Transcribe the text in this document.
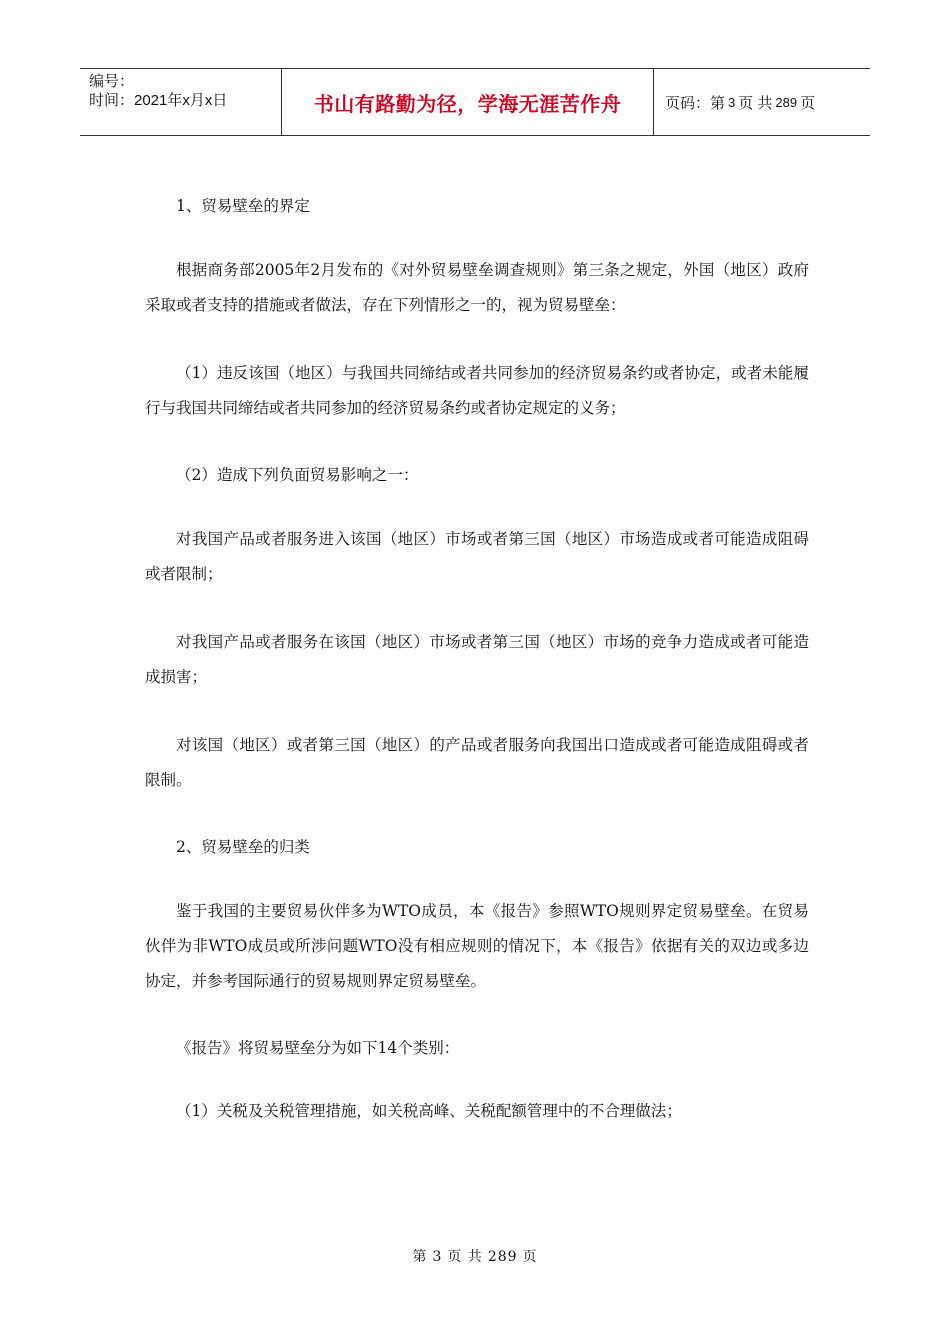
编号：
时间：2021年x月x日	书山有路勤为径，学海无涯苦作舟	页码：第 3 页 共 289 页

1、贸易壁垒的界定

根据商务部2005年2月发布的《对外贸易壁垒调查规则》第三条之规定，外国（地区）政府采取或者支持的措施或者做法，存在下列情形之一的，视为贸易壁垒：

（1）违反该国（地区）与我国共同缔结或者共同参加的经济贸易条约或者协定，或者未能履行与我国共同缔结或者共同参加的经济贸易条约或者协定规定的义务；

（2）造成下列负面贸易影响之一：

对我国产品或者服务进入该国（地区）市场或者第三国（地区）市场造成或者可能造成阻碍或者限制；

对我国产品或者服务在该国（地区）市场或者第三国（地区）市场的竞争力造成或者可能造成损害；

对该国（地区）或者第三国（地区）的产品或者服务向我国出口造成或者可能造成阻碍或者限制。

2、贸易壁垒的归类

鉴于我国的主要贸易伙伴多为WTO成员，本《报告》参照WTO规则界定贸易壁垒。在贸易伙伴为非WTO成员或所涉问题WTO没有相应规则的情况下，本《报告》依据有关的双边或多边协定，并参考国际通行的贸易规则界定贸易壁垒。

《报告》将贸易壁垒分为如下14个类别：

（1）关税及关税管理措施，如关税高峰、关税配额管理中的不合理做法；

第 3 页 共 289 页
